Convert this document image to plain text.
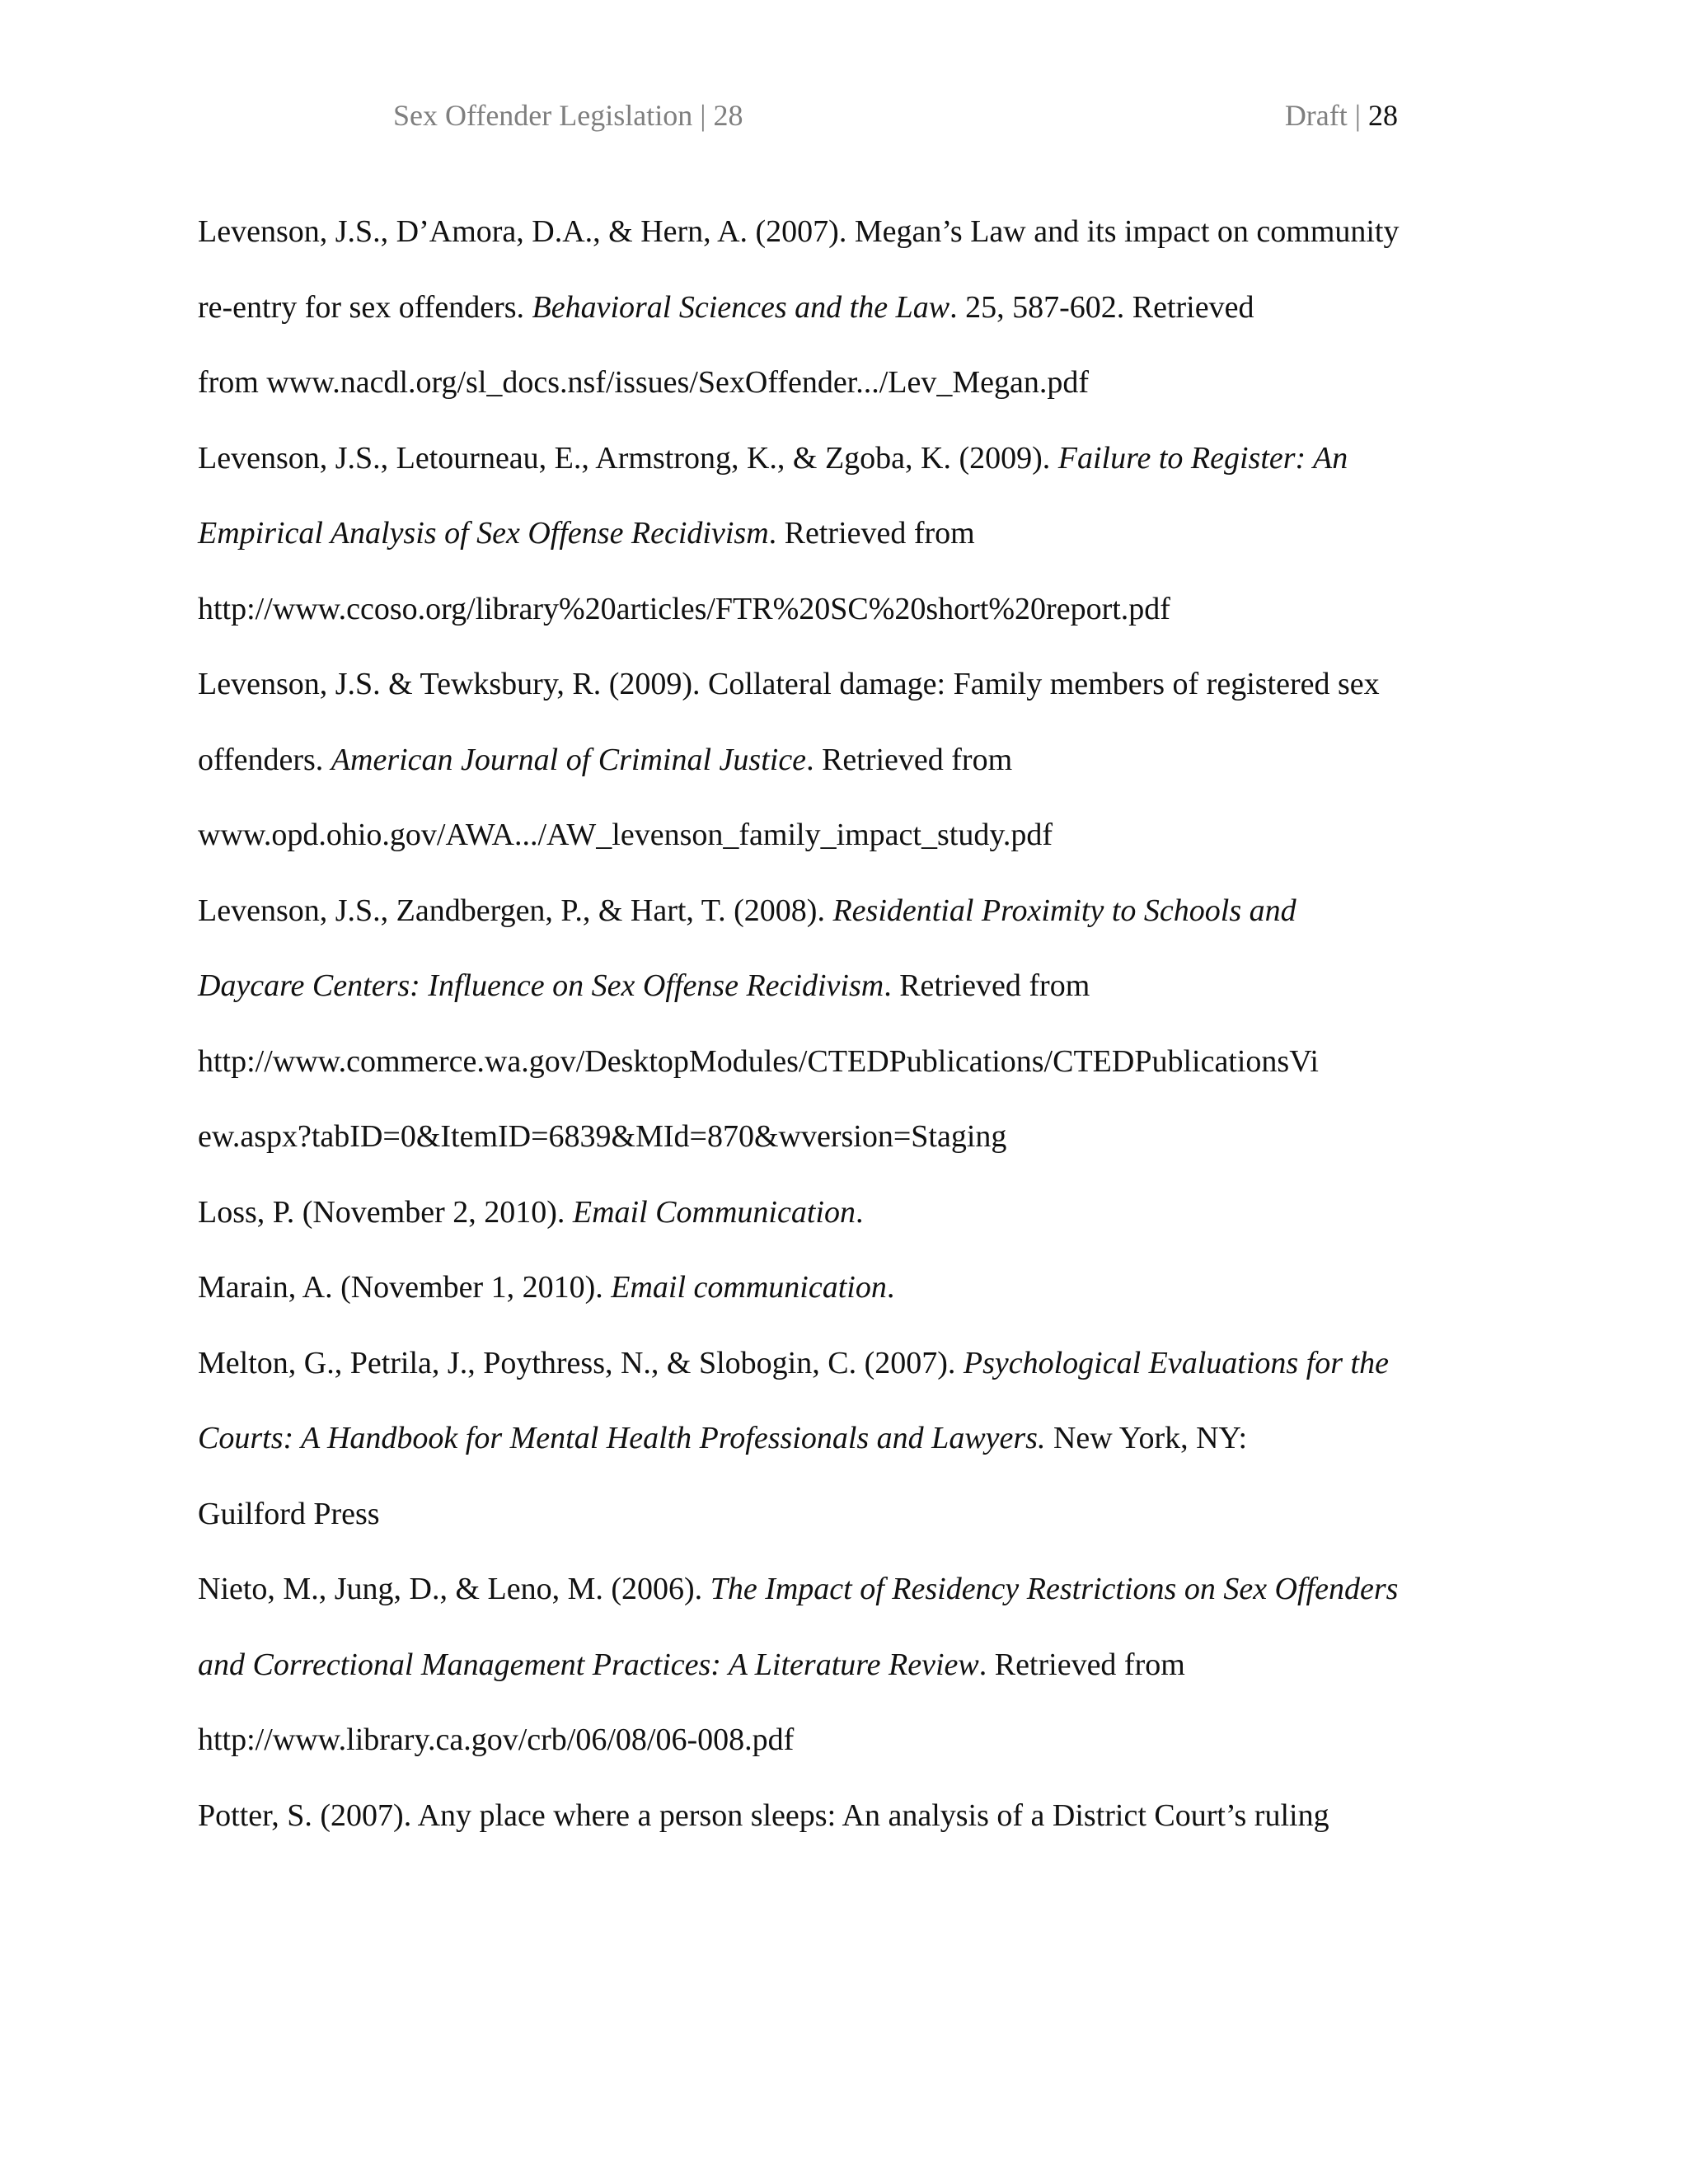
Sex Offender Legislation | 28	Draft | 28
Levenson, J.S., D’Amora, D.A., & Hern, A. (2007). Megan’s Law and its impact on community
re-entry for sex offenders. Behavioral Sciences and the Law. 25, 587-602. Retrieved
from www.nacdl.org/sl_docs.nsf/issues/SexOffender.../Lev_Megan.pdf
Levenson, J.S., Letourneau, E., Armstrong, K., & Zgoba, K. (2009). Failure to Register: An
Empirical Analysis of Sex Offense Recidivism. Retrieved from
http://www.ccoso.org/library%20articles/FTR%20SC%20short%20report.pdf
Levenson, J.S. & Tewksbury, R. (2009). Collateral damage: Family members of registered sex
offenders. American Journal of Criminal Justice. Retrieved from
www.opd.ohio.gov/AWA.../AW_levenson_family_impact_study.pdf
Levenson, J.S., Zandbergen, P., & Hart, T. (2008). Residential Proximity to Schools and
Daycare Centers: Influence on Sex Offense Recidivism. Retrieved from
http://www.commerce.wa.gov/DesktopModules/CTEDPublications/CTEDPublicationsVi
ew.aspx?tabID=0&ItemID=6839&MId=870&wversion=Staging
Loss, P. (November 2, 2010). Email Communication.
Marain, A. (November 1, 2010). Email communication.
Melton, G., Petrila, J., Poythress, N., & Slobogin, C. (2007). Psychological Evaluations for the
Courts: A Handbook for Mental Health Professionals and Lawyers. New York, NY:
Guilford Press
Nieto, M., Jung, D., & Leno, M. (2006). The Impact of Residency Restrictions on Sex Offenders
and Correctional Management Practices: A Literature Review. Retrieved from
http://www.library.ca.gov/crb/06/08/06-008.pdf
Potter, S. (2007). Any place where a person sleeps: An analysis of a District Court’s ruling
